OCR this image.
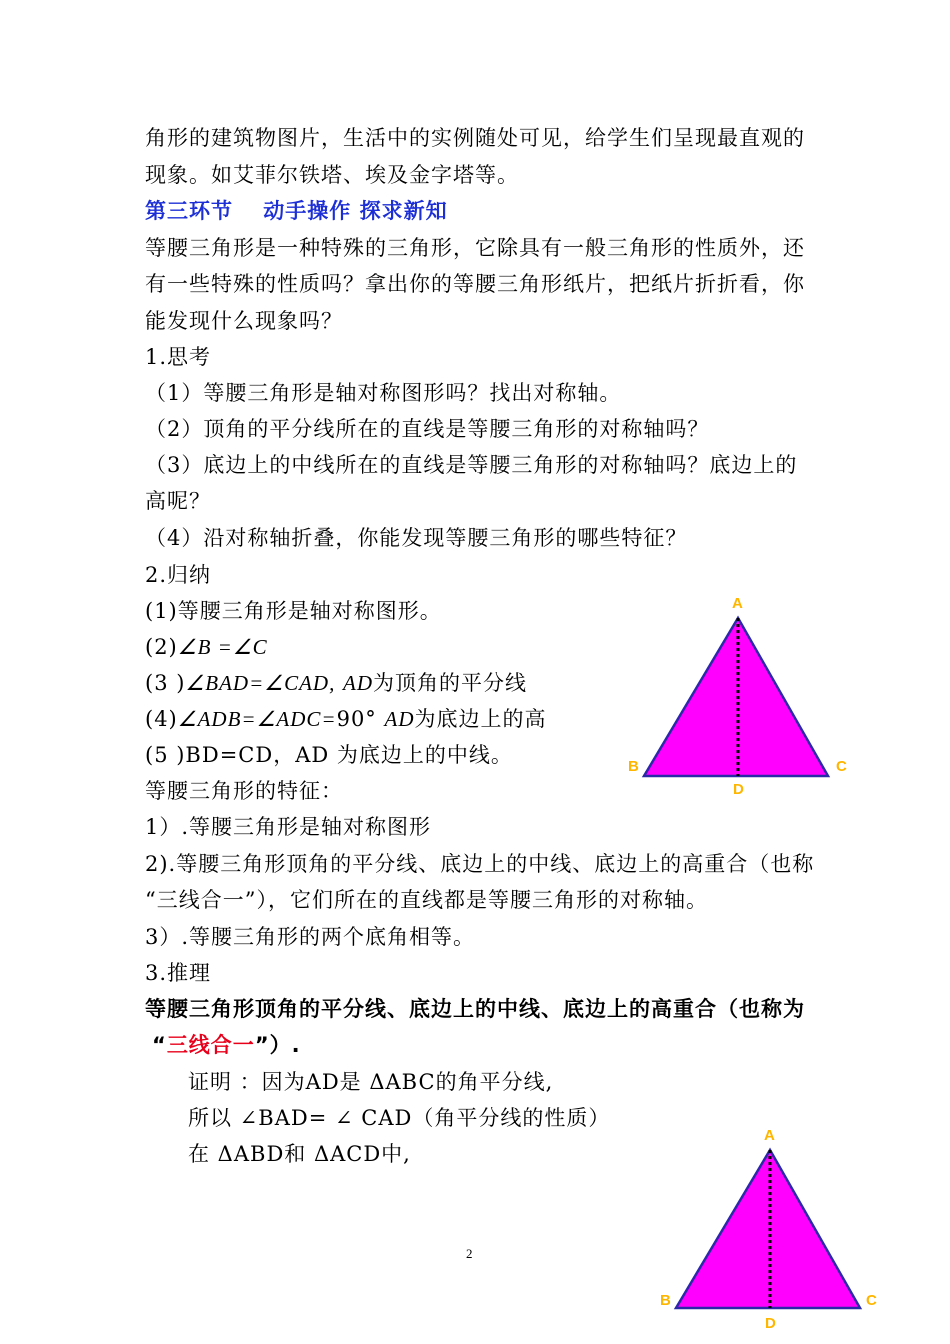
角形的建筑物图片，生活中的实例随处可见，给学生们呈现最直观的
现象。如艾菲尔铁塔、埃及金字塔等。
第三环节　 动手操作 探求新知
等腰三角形是一种特殊的三角形，它除具有一般三角形的性质外，还
有一些特殊的性质吗？拿出你的等腰三角形纸片，把纸片折折看，你
能发现什么现象吗？
1.思考
（1）等腰三角形是轴对称图形吗？找出对称轴。
（2）顶角的平分线所在的直线是等腰三角形的对称轴吗？
（3）底边上的中线所在的直线是等腰三角形的对称轴吗？底边上的
高呢？
（4）沿对称轴折叠，你能发现等腰三角形的哪些特征？
2.归纳
(1)等腰三角形是轴对称图形。
(2)∠B =∠C
(3 )∠BAD=∠CAD, AD为顶角的平分线
(4)∠ADB=∠ADC=90° AD为底边上的高
(5 )BD=CD，AD 为底边上的中线。
等腰三角形的特征：
1）.等腰三角形是轴对称图形
2).等腰三角形顶角的平分线、底边上的中线、底边上的高重合（也称
“三线合一”），它们所在的直线都是等腰三角形的对称轴。
3）.等腰三角形的两个底角相等。
3.推理
等腰三角形顶角的平分线、底边上的中线、底边上的高重合（也称为
“三线合一”）.
证明 ：因为AD是 ΔABC的角平分线,
所以 ∠BAD= ∠ CAD（角平分线的性质）
在 ΔABD和 ΔACD中,
2
A
B	C
D
A
B	C
D
